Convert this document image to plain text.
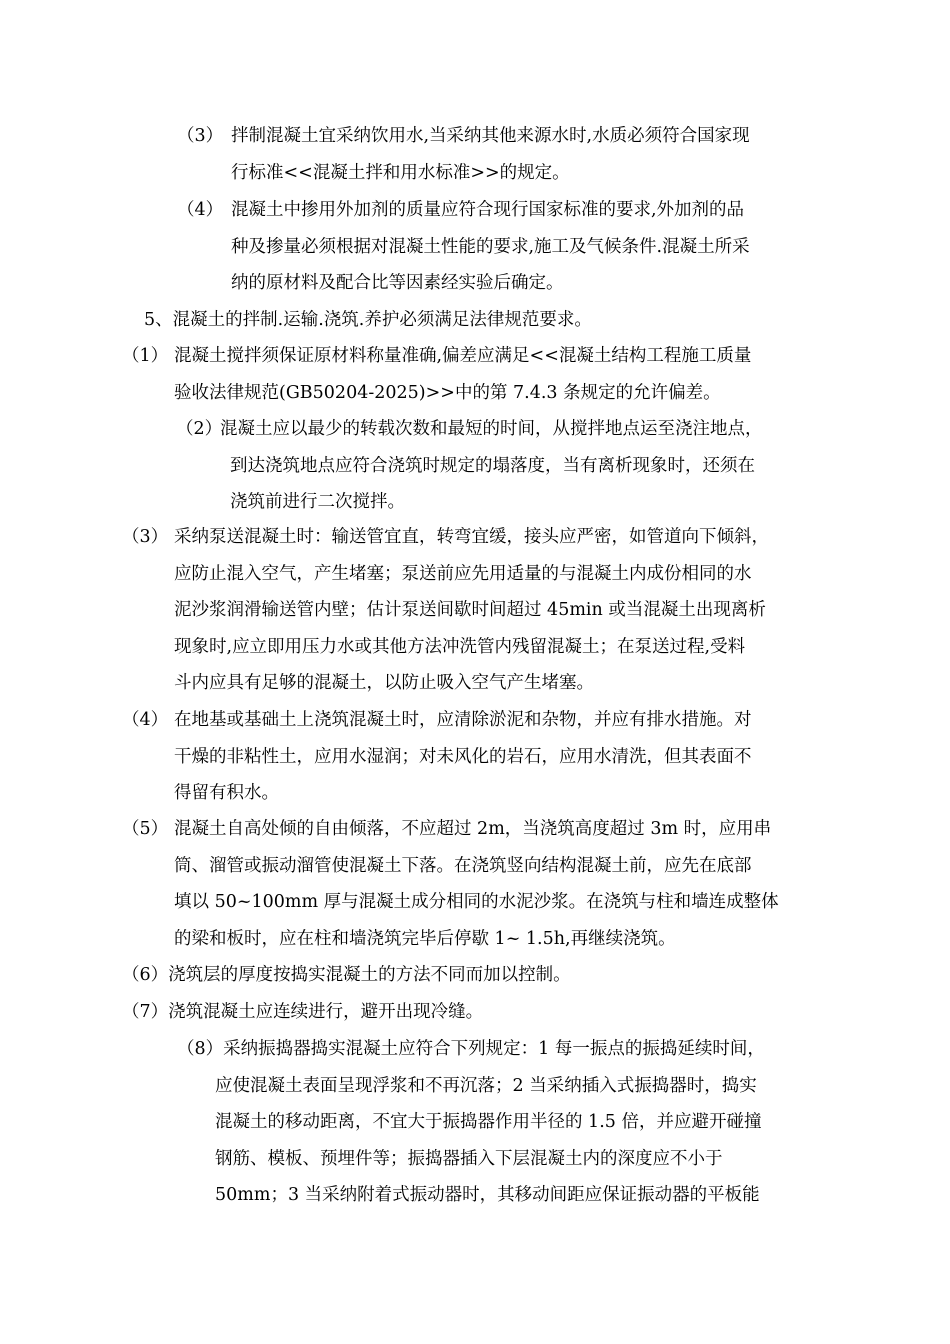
（3） 拌制混凝土宜采纳饮用水,当采纳其他来源水时,水质必须符合国家现
行标准<<混凝土拌和用水标准>>的规定。
（4） 混凝土中掺用外加剂的质量应符合现行国家标准的要求,外加剂的品
种及掺量必须根据对混凝土性能的要求,施工及气候条件.混凝土所采
纳的原材料及配合比等因素经实验后确定。
5、混凝土的拌制.运输.浇筑.养护必须满足法律规范要求。
（1） 混凝土搅拌须保证原材料称量准确,偏差应满足<<混凝土结构工程施工质量
验收法律规范(GB50204-2025)>>中的第 7.4.3 条规定的允许偏差。
（2）
混凝土应以最少的转载次数和最短的时间，从搅拌地点运至浇注地点，
到达浇筑地点应符合浇筑时规定的塌落度，当有离析现象时，还须在
浇筑前进行二次搅拌。
（3） 采纳泵送混凝土时：输送管宜直，转弯宜缓，接头应严密，如管道向下倾斜，
应防止混入空气，产生堵塞；泵送前应先用适量的与混凝土内成份相同的水
泥沙浆润滑输送管内壁；估计泵送间歇时间超过 45min 或当混凝土出现离析
现象时,应立即用压力水或其他方法冲洗管内残留混凝土；在泵送过程,受料
斗内应具有足够的混凝土，以防止吸入空气产生堵塞。
（4） 在地基或基础土上浇筑混凝土时，应清除淤泥和杂物，并应有排水措施。对
干燥的非粘性土，应用水湿润；对未风化的岩石，应用水清洗，但其表面不
得留有积水。
（5） 混凝土自高处倾的自由倾落，不应超过 2m，当浇筑高度超过 3m 时，应用串
筒、溜管或振动溜管使混凝土下落。在浇筑竖向结构混凝土前，应先在底部
填以 50~100mm 厚与混凝土成分相同的水泥沙浆。在浇筑与柱和墙连成整体
的梁和板时，应在柱和墙浇筑完毕后停歇 1~ 1.5h,再继续浇筑。
（6）浇筑层的厚度按捣实混凝土的方法不同而加以控制。
（7）浇筑混凝土应连续进行，避开出现冷缝。
（8）采纳振捣器捣实混凝土应符合下列规定：1 每一振点的振捣延续时间，
应使混凝土表面呈现浮浆和不再沉落；2 当采纳插入式振捣器时，捣实
混凝土的移动距离，不宜大于振捣器作用半径的 1.5 倍，并应避开碰撞
钢筋、模板、预埋件等；振捣器插入下层混凝土内的深度应不小于
50mm；3 当采纳附着式振动器时，其移动间距应保证振动器的平板能
